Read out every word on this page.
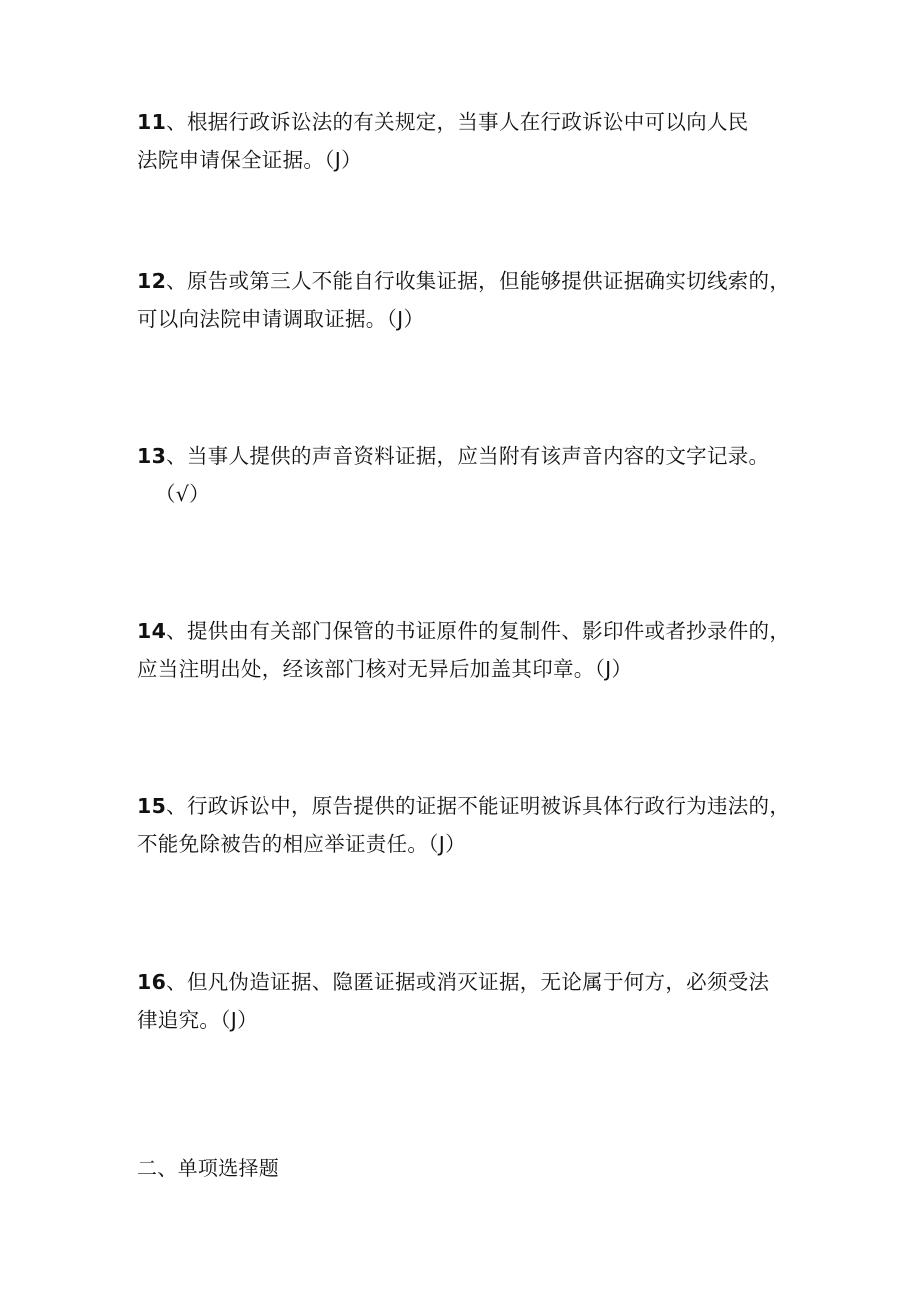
11、根据行政诉讼法的有关规定，当事人在行政诉讼中可以向人民
法院申请保全证据。（J）
12、原告或第三人不能自行收集证据，但能够提供证据确实切线索的，
可以向法院申请调取证据。（J）
13、当事人提供的声音资料证据，应当附有该声音内容的文字记录。
（√）
14、提供由有关部门保管的书证原件的复制件、影印件或者抄录件的，
应当注明出处，经该部门核对无异后加盖其印章。（J）
15、行政诉讼中，原告提供的证据不能证明被诉具体行政行为违法的，
不能免除被告的相应举证责任。（J）
16、但凡伪造证据、隐匿证据或消灭证据，无论属于何方，必须受法
律追究。（J）
二、单项选择题
